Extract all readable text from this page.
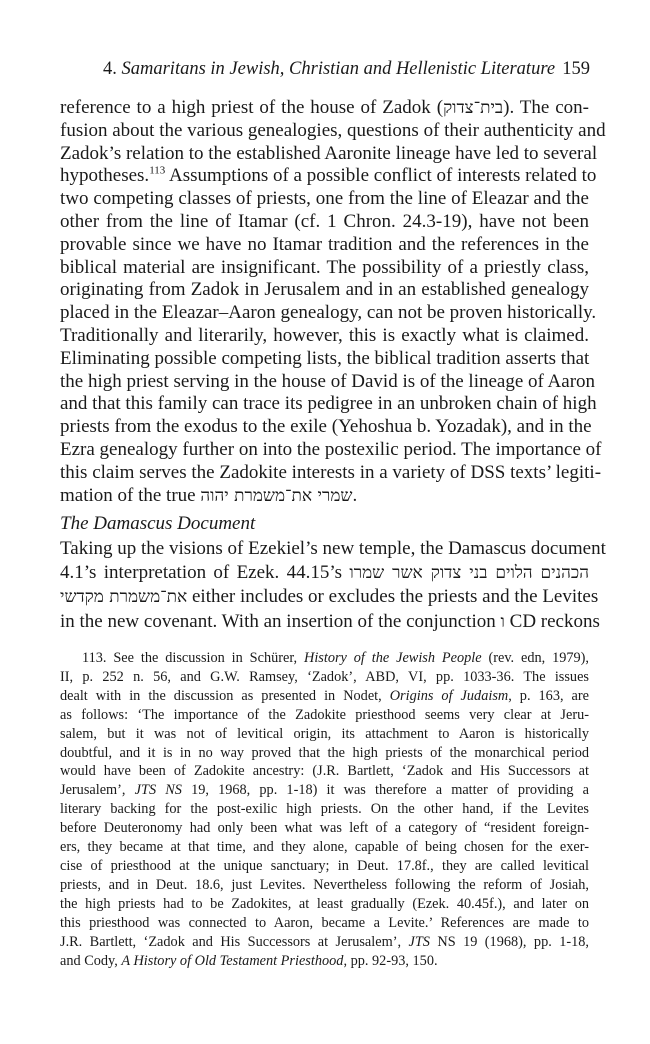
4. Samaritans in Jewish, Christian and Hellenistic Literature 159
reference to a high priest of the house of Zadok (בית־צדוק). The con-
fusion about the various genealogies, questions of their authenticity and
Zadok’s relation to the established Aaronite lineage have led to several
hypotheses.$^{113}$ Assumptions of a possible conflict of interests related to
two competing classes of priests, one from the line of Eleazar and the
other from the line of Itamar (cf. 1 Chron. 24.3-19), have not been
provable since we have no Itamar tradition and the references in the
biblical material are insignificant. The possibility of a priestly class,
originating from Zadok in Jerusalem and in an established genealogy
placed in the Eleazar–Aaron genealogy, can not be proven historically.
Traditionally and literarily, however, this is exactly what is claimed.
Eliminating possible competing lists, the biblical tradition asserts that
the high priest serving in the house of David is of the lineage of Aaron
and that this family can trace its pedigree in an unbroken chain of high
priests from the exodus to the exile (Yehoshua b. Yozadak), and in the
Ezra genealogy further on into the postexilic period. The importance of
this claim serves the Zadokite interests in a variety of DSS texts’ legiti-
mation of the true שמרי את־משמרת יהוה.
The Damascus Document
Taking up the visions of Ezekiel’s new temple, the Damascus document
4.1’s interpretation of Ezek. 44.15’s הכהנים הלוים בני צדוק אשר שמרו
את־משמרת מקדשי either includes or excludes the priests and the Levites
in the new covenant. With an insertion of the conjunction ו CD reckons
113. See the discussion in Schürer, History of the Jewish People (rev. edn, 1979),
II, p. 252 n. 56, and G.W. Ramsey, ‘Zadok’, ABD, VI, pp. 1033-36. The issues
dealt with in the discussion as presented in Nodet, Origins of Judaism, p. 163, are
as follows: ‘The importance of the Zadokite priesthood seems very clear at Jeru-
salem, but it was not of levitical origin, its attachment to Aaron is historically
doubtful, and it is in no way proved that the high priests of the monarchical period
would have been of Zadokite ancestry: (J.R. Bartlett, ‘Zadok and His Successors at
Jerusalem’, JTS NS 19, 1968, pp. 1-18) it was therefore a matter of providing a
literary backing for the post-exilic high priests. On the other hand, if the Levites
before Deuteronomy had only been what was left of a category of “resident foreign-
ers, they became at that time, and they alone, capable of being chosen for the exer-
cise of priesthood at the unique sanctuary; in Deut. 17.8f., they are called levitical
priests, and in Deut. 18.6, just Levites. Nevertheless following the reform of Josiah,
the high priests had to be Zadokites, at least gradually (Ezek. 40.45f.), and later on
this priesthood was connected to Aaron, became a Levite.’ References are made to
J.R. Bartlett, ‘Zadok and His Successors at Jerusalem’, JTS NS 19 (1968), pp. 1-18,
and Cody, A History of Old Testament Priesthood, pp. 92-93, 150.
